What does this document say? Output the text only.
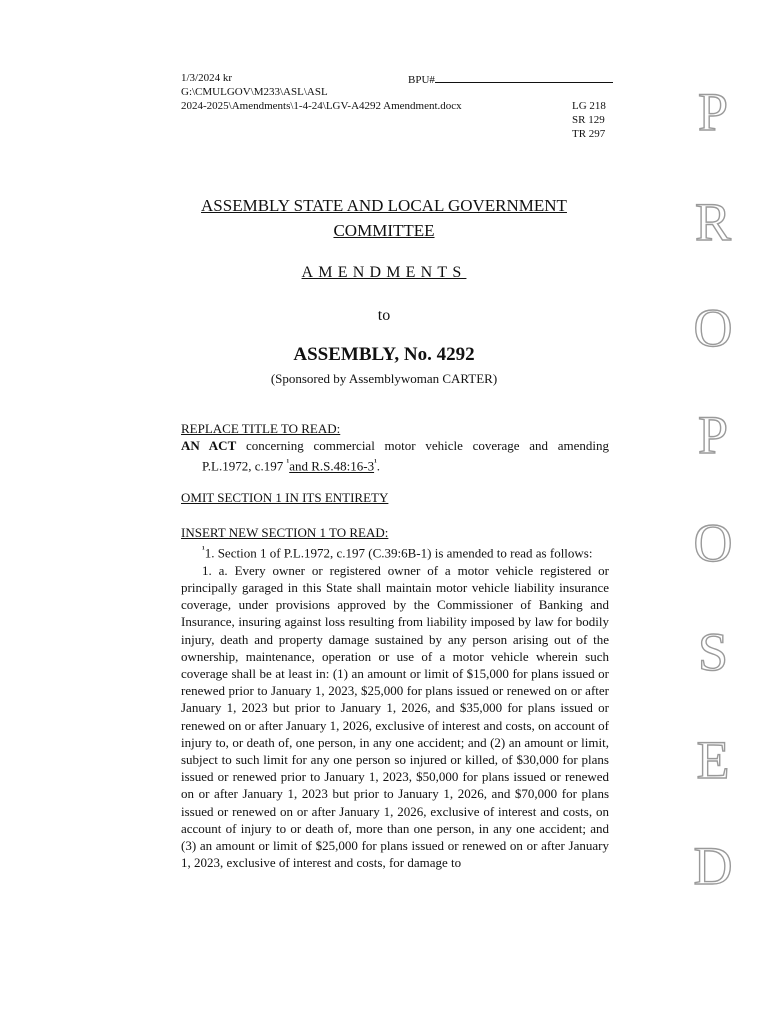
1/3/2024 kr	BPU#
G:\CMULGOV\M233\ASL\ASL
2024-2025\Amendments\1-4-24\LGV-A4292 Amendment.docx	LG 218
SR 129
TR 297
ASSEMBLY STATE AND LOCAL GOVERNMENT
COMMITTEE
AMENDMENTS
to
ASSEMBLY, No. 4292
(Sponsored by Assemblywoman CARTER)

REPLACE TITLE TO READ:

AN ACT concerning commercial motor vehicle coverage and amending P.L.1972, c.197 $^{^1}$and $R.S.48:16-3^{^1}$.

OMIT SECTION 1 IN ITS ENTIRETY

INSERT NEW SECTION 1 TO READ:

$^{^1}$1. Section 1 of P.L.1972, c.197 (C.39:6B-1) is amended to read as follows:

1. a. Every owner or registered owner of a motor vehicle registered or principally garaged in this State shall maintain motor vehicle liability insurance coverage, under provisions approved by the Commissioner of Banking and Insurance, insuring against loss resulting from liability imposed by law for bodily injury, death and property damage sustained by any person arising out of the ownership, maintenance, operation or use of a motor vehicle wherein such coverage shall be at least in: (1) an amount or limit of $15,000 for plans issued or renewed prior to January 1, 2023, $25,000 for plans issued or renewed on or after January 1, 2023 but prior to January 1, 2026, and $35,000 for plans issued or renewed on or after January 1, 2026, exclusive of interest and costs, on account of injury to, or death of, one person, in any one accident; and (2) an amount or limit, subject to such limit for any one person so injured or killed, of $30,000 for plans issued or renewed prior to January 1, 2023, $50,000 for plans issued or renewed on or after January 1, 2023 but prior to January 1, 2026, and $70,000 for plans issued or renewed on or after January 1, 2026, exclusive of interest and costs, on account of injury to or death of, more than one person, in any one accident; and (3) an amount or limit of $25,000 for plans issued or renewed on or after January 1, 2023, exclusive of interest and costs, for damage to

P
R
O
P
O
S
E
D
